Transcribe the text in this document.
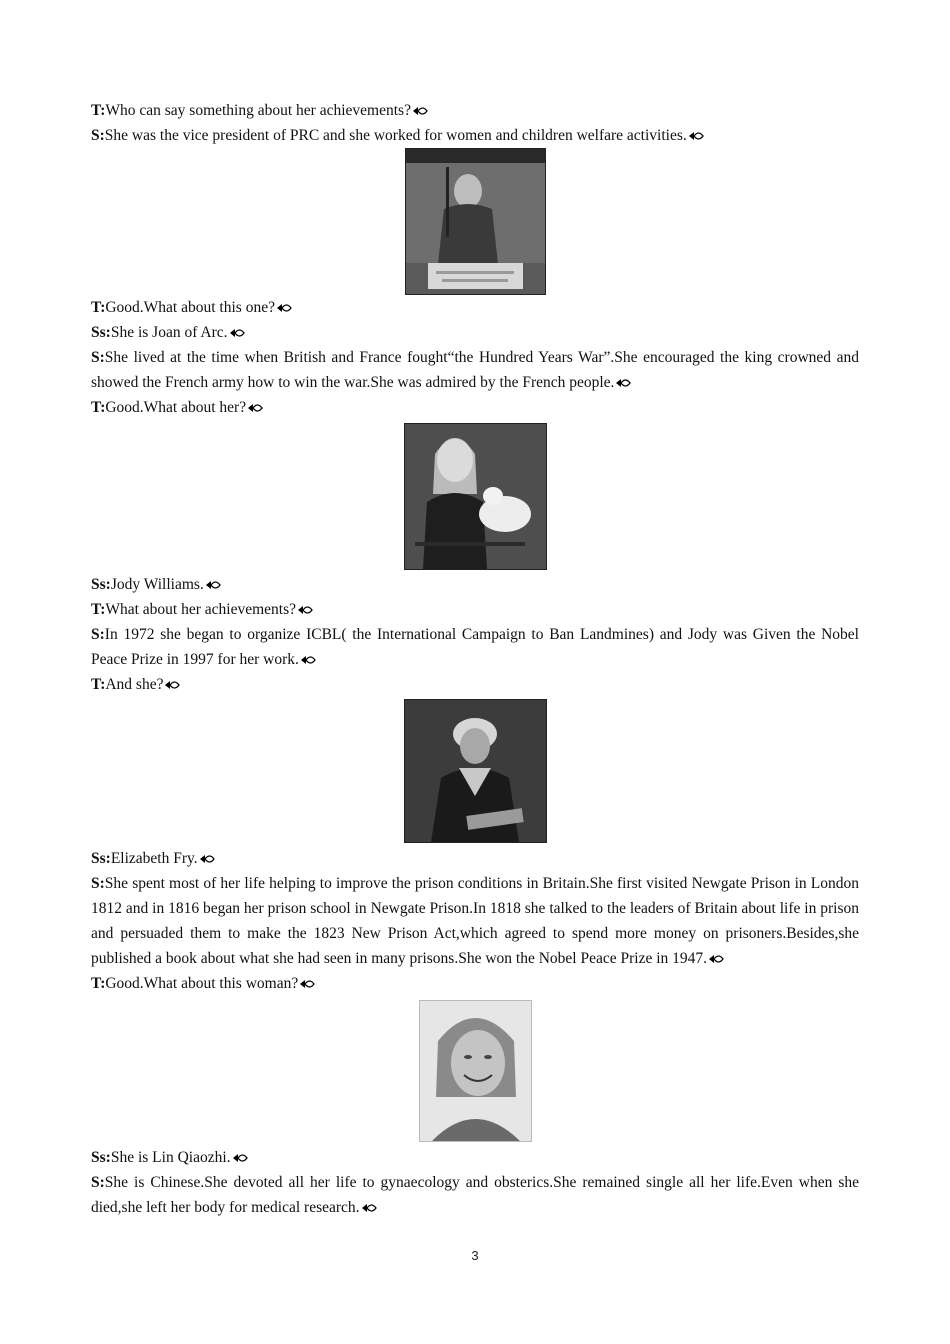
T:Who can say something about her achievements?

S:She was the vice president of PRC and she worked for women and children welfare activities.

T:Good.What about this one?

Ss:She is Joan of Arc.

S:She lived at the time when British and France fought“the Hundred Years War”.She encouraged the king crowned and showed the French army how to win the war.She was admired by the French people.

T:Good.What about her?

Ss:Jody Williams.

T:What about her achievements?

S:In 1972 she began to organize ICBL( the International Campaign to Ban Landmines) and Jody was Given the Nobel Peace Prize in 1997 for her work.

T:And she?

Ss:Elizabeth Fry.

S:She spent most of her life helping to improve the prison conditions in Britain.She first visited Newgate Prison in London 1812 and in 1816 began her prison school in Newgate Prison.In 1818 she talked to the leaders of Britain about life in prison and persuaded them to make the 1823 New Prison Act,which agreed to spend more money on prisoners.Besides,she published a book about what she had seen in many prisons.She won the Nobel Peace Prize in 1947.

T:Good.What about this woman?

Ss:She is Lin Qiaozhi.

S:She is Chinese.She devoted all her life to gynaecology and obsterics.She remained single all her life.Even when she died,she left her body for medical research.

3
